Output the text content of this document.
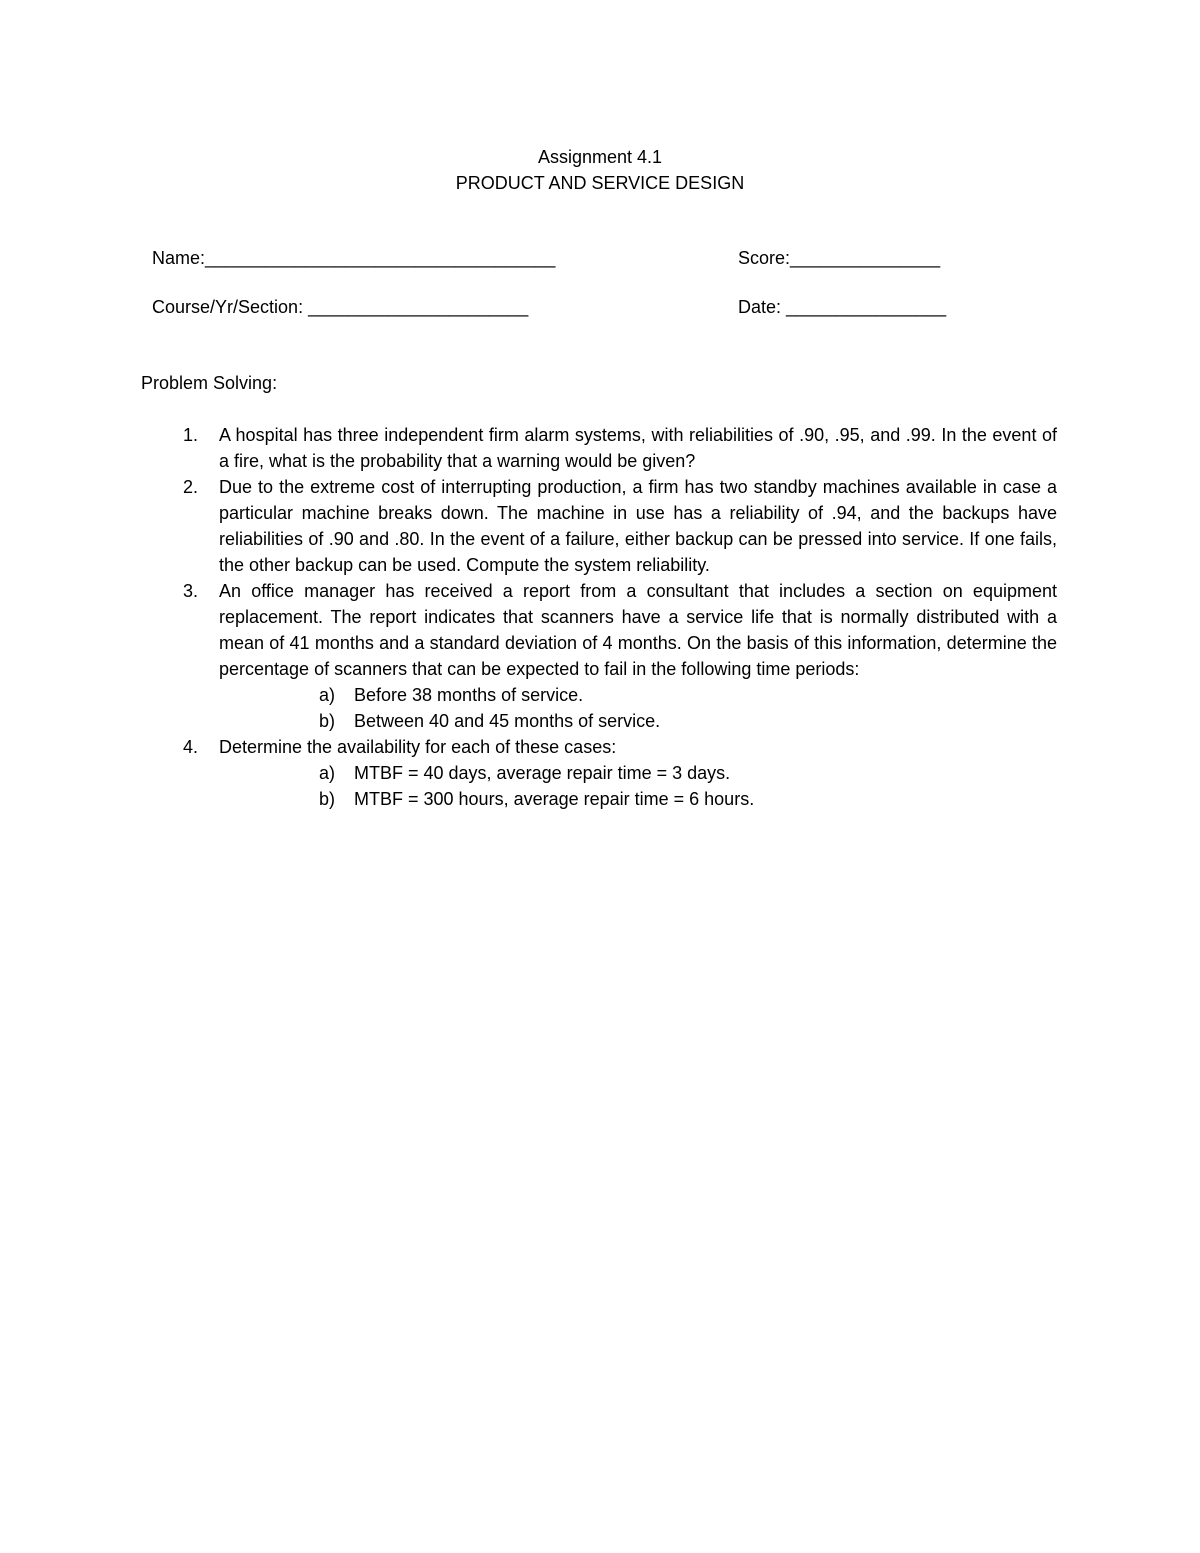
Assignment 4.1
PRODUCT AND SERVICE DESIGN
Name:___________________________________	Score:_______________
Course/Yr/Section: ______________________	Date: ________________
Problem Solving:
1. A hospital has three independent firm alarm systems, with reliabilities of .90, .95, and .99. In the event of a fire, what is the probability that a warning would be given?
2. Due to the extreme cost of interrupting production, a firm has two standby machines available in case a particular machine breaks down. The machine in use has a reliability of .94, and the backups have reliabilities of .90 and .80. In the event of a failure, either backup can be pressed into service. If one fails, the other backup can be used. Compute the system reliability.
3. An office manager has received a report from a consultant that includes a section on equipment replacement. The report indicates that scanners have a service life that is normally distributed with a mean of 41 months and a standard deviation of 4 months. On the basis of this information, determine the percentage of scanners that can be expected to fail in the following time periods:
a) Before 38 months of service.
b) Between 40 and 45 months of service.
4. Determine the availability for each of these cases:
a) MTBF = 40 days, average repair time = 3 days.
b) MTBF = 300 hours, average repair time = 6 hours.
